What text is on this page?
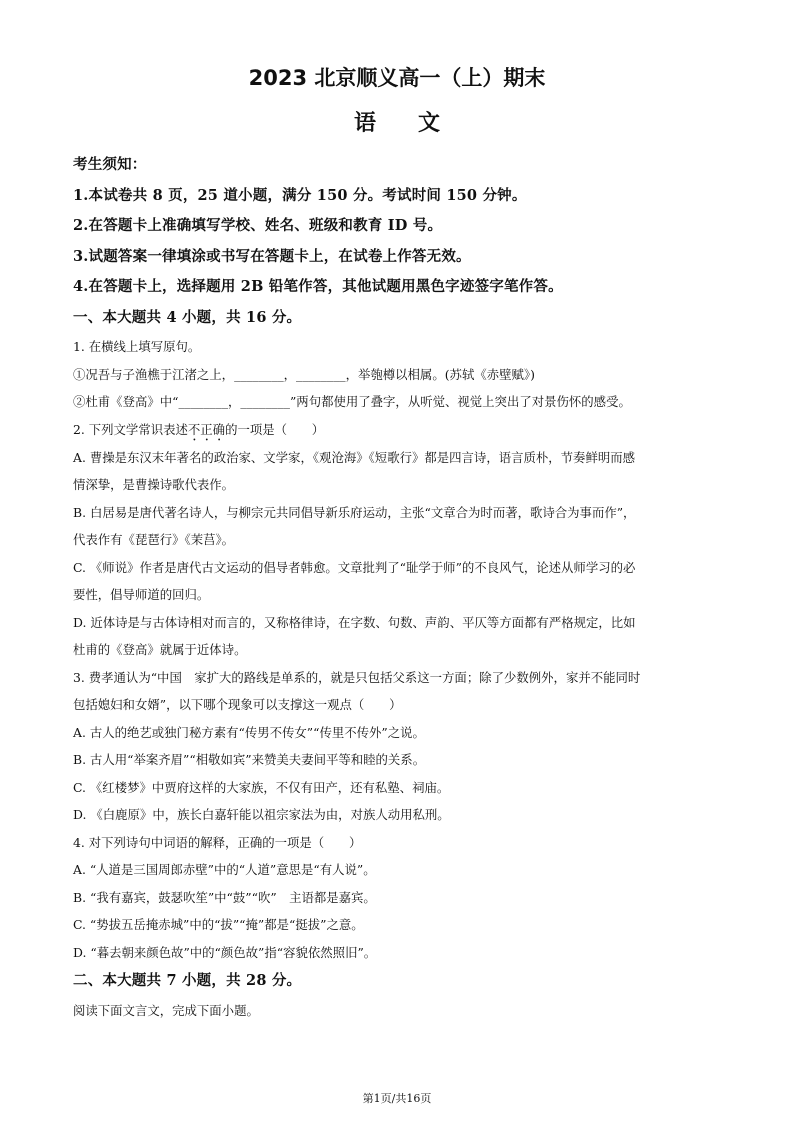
2023 北京顺义高一（上）期末
语文

考生须知：

1.本试卷共 8 页，25 道小题，满分 150 分。考试时间 150 分钟。

2.在答题卡上准确填写学校、姓名、班级和教育 ID 号。

3.试题答案一律填涂或书写在答题卡上，在试卷上作答无效。

4.在答题卡上，选择题用 2B 铅笔作答，其他试题用黑色字迹签字笔作答。

一、本大题共 4 小题，共 16 分。

1. 在横线上填写原句。

①况吾与子渔樵于江渚之上，________，________，举匏樽以相属。(苏轼《赤壁赋》)

②杜甫《登高》中“________，________”两句都使用了叠字，从听觉、视觉上突出了对景伤怀的感受。

2. 下列文学常识表述不正确的一项是（　　）

A. 曹操是东汉末年著名的政治家、文学家，《观沧海》《短歌行》都是四言诗，语言质朴，节奏鲜明而感

情深挚，是曹操诗歌代表作。

B. 白居易是唐代著名诗人，与柳宗元共同倡导新乐府运动，主张“文章合为时而著，歌诗合为事而作”，

代表作有《琵琶行》《茉莒》。

C. 《师说》作者是唐代古文运动的倡导者韩愈。文章批判了“耻学于师”的不良风气，论述从师学习的必

要性，倡导师道的回归。

D. 近体诗是与古体诗相对而言的，又称格律诗，在字数、句数、声韵、平仄等方面都有严格规定，比如

杜甫的《登高》就属于近体诗。

3. 费孝通认为“中国　家扩大的路线是单系的，就是只包括父系这一方面；除了少数例外，家并不能同时

包括媳妇和女婿”，以下哪个现象可以支撑这一观点（　　）

A. 古人的绝艺或独门秘方素有“传男不传女”“传里不传外”之说。

B. 古人用“举案齐眉”“相敬如宾”来赞美夫妻间平等和睦的关系。

C. 《红楼梦》中贾府这样的大家族，不仅有田产，还有私塾、祠庙。

D. 《白鹿原》中，族长白嘉轩能以祖宗家法为由，对族人动用私刑。

4. 对下列诗句中词语的解释，正确的一项是（　　）

A. “人道是三国周郎赤壁”中的“人道”意思是“有人说”。

B. “我有嘉宾，鼓瑟吹笙”中“鼓”“吹”　主语都是嘉宾。

C. “势拔五岳掩赤城”中的“拔”“掩”都是“挺拔”之意。

D. “暮去朝来颜色故”中的“颜色故”指“容貌依然照旧”。

二、本大题共 7 小题，共 28 分。

阅读下面文言文，完成下面小题。

第1页/共16页
